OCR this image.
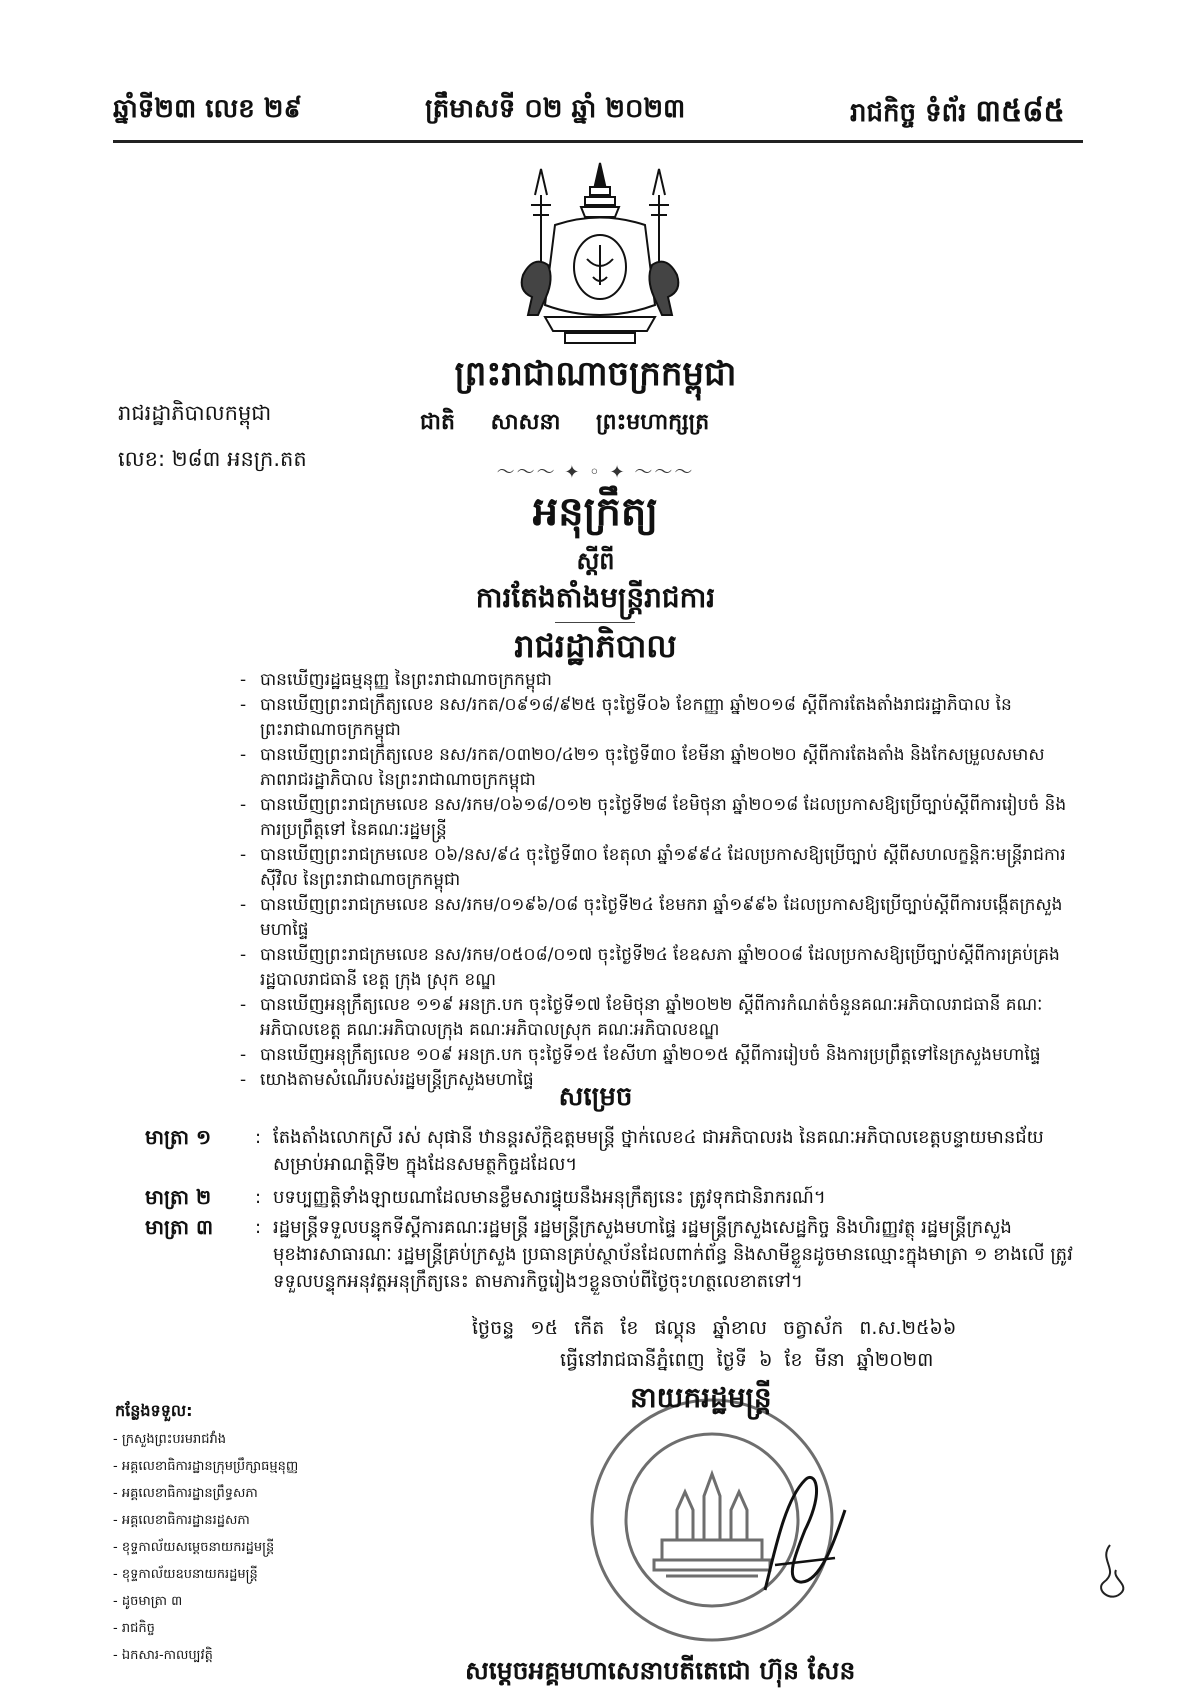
ឆ្នាំទី២៣ លេខ ២៩	ត្រឹមាសទី ០២ ឆ្នាំ ២០២៣	រាជកិច្ច ទំព័រ ៣៥៨៥
ព្រះរាជាណាចក្រកម្ពុជា
រាជរដ្ឋាភិបាលកម្ពុជា	ជាតិ សាសនា ព្រះមហាក្សត្រ
លេខ: ២៨៣ អនក្រ.តត
〜〜〜 ✦ ◦ ✦ 〜〜〜
អនុក្រឹត្យ
ស្តីពី
ការតែងតាំងមន្ត្រីរាជការ
រាជរដ្ឋាភិបាល

- បានឃើញរដ្ឋធម្មនុញ្ញ នៃព្រះរាជាណាចក្រកម្ពុជា

- បានឃើញព្រះរាជក្រឹត្យលេខ នស/រកត/០៩១៨/៩២៥ ចុះថ្ងៃទី០៦ ខែកញ្ញា ឆ្នាំ២០១៨ ស្តីពីការតែងតាំងរាជរដ្ឋាភិបាល នៃព្រះរាជាណាចក្រកម្ពុជា

- បានឃើញព្រះរាជក្រឹត្យលេខ នស/រកត/០៣២០/៤២១ ចុះថ្ងៃទី៣០ ខែមីនា ឆ្នាំ២០២០ ស្តីពីការតែងតាំង និងកែសម្រួលសមាសភាពរាជរដ្ឋាភិបាល នៃព្រះរាជាណាចក្រកម្ពុជា

- បានឃើញព្រះរាជក្រមលេខ នស/រកម/០៦១៨/០១២ ចុះថ្ងៃទី២៨ ខែមិថុនា ឆ្នាំ២០១៨ ដែលប្រកាសឱ្យប្រើច្បាប់ស្តីពីការរៀបចំ និងការប្រព្រឹត្តទៅ នៃគណៈរដ្ឋមន្ត្រី

- បានឃើញព្រះរាជក្រមលេខ ០៦/នស/៩៤ ចុះថ្ងៃទី៣០ ខែតុលា ឆ្នាំ១៩៩៤ ដែលប្រកាសឱ្យប្រើច្បាប់ ស្តីពីសហលក្ខន្តិកៈមន្ត្រីរាជការស៊ីវិល នៃព្រះរាជាណាចក្រកម្ពុជា

- បានឃើញព្រះរាជក្រមលេខ នស/រកម/០១៩៦/០៨ ចុះថ្ងៃទី២៤ ខែមករា ឆ្នាំ១៩៩៦ ដែលប្រកាសឱ្យប្រើច្បាប់ស្តីពីការបង្កើតក្រសួងមហាផ្ទៃ

- បានឃើញព្រះរាជក្រមលេខ នស/រកម/០៥០៨/០១៧ ចុះថ្ងៃទី២៤ ខែឧសភា ឆ្នាំ២០០៨ ដែលប្រកាសឱ្យប្រើច្បាប់ស្តីពីការគ្រប់គ្រងរដ្ឋបាលរាជធានី ខេត្ត ក្រុង ស្រុក ខណ្ឌ

- បានឃើញអនុក្រឹត្យលេខ ១១៩ អនក្រ.បក ចុះថ្ងៃទី១៧ ខែមិថុនា ឆ្នាំ២០២២ ស្តីពីការកំណត់ចំនួនគណៈអភិបាលរាជធានី គណៈអភិបាលខេត្ត គណៈអភិបាលក្រុង គណៈអភិបាលស្រុក គណៈអភិបាលខណ្ឌ

- បានឃើញអនុក្រឹត្យលេខ ១០៩ អនក្រ.បក ចុះថ្ងៃទី១៥ ខែសីហា ឆ្នាំ២០១៥ ស្តីពីការរៀបចំ និងការប្រព្រឹត្តទៅនៃក្រសួងមហាផ្ទៃ

- យោងតាមសំណើរបស់រដ្ឋមន្ត្រីក្រសួងមហាផ្ទៃ

សម្រេច
មាត្រា ១	: តែងតាំងលោកស្រី រស់ សុផានី ឋានន្តរស័ក្តិឧត្តមមន្ត្រី ថ្នាក់លេខ៤ ជាអភិបាលរង នៃគណៈអភិបាលខេត្តបន្ទាយមានជ័យ សម្រាប់អាណត្តិទី២ ក្នុងដែនសមត្ថកិច្ចដដែល។
មាត្រា ២	: បទប្បញ្ញត្តិទាំងឡាយណាដែលមានខ្លឹមសារផ្ទុយនឹងអនុក្រឹត្យនេះ ត្រូវទុកជានិរាករណ៍។
មាត្រា ៣	: រដ្ឋមន្ត្រីទទួលបន្ទុកទីស្តីការគណៈរដ្ឋមន្ត្រី រដ្ឋមន្ត្រីក្រសួងមហាផ្ទៃ រដ្ឋមន្ត្រីក្រសួងសេដ្ឋកិច្ច និងហិរញ្ញវត្ថុ រដ្ឋមន្ត្រីក្រសួងមុខងារសាធារណៈ រដ្ឋមន្ត្រីគ្រប់ក្រសួង ប្រធានគ្រប់ស្ថាប័នដែលពាក់ព័ន្ធ និងសាមីខ្លួនដូចមានឈ្មោះក្នុងមាត្រា ១ ខាងលើ ត្រូវទទួលបន្ទុកអនុវត្តអនុក្រឹត្យនេះ តាមភារកិច្ចរៀងៗខ្លួនចាប់ពីថ្ងៃចុះហត្ថលេខាតទៅ។
ថ្ងៃចន្ទ ១៥ កើត ខែ ផល្គុន ឆ្នាំខាល ចត្វាស័ក ព.ស.២៥៦៦
ធ្វើនៅរាជធានីភ្នំពេញ ថ្ងៃទី ៦ ខែ មីនា ឆ្នាំ២០២៣
នាយករដ្ឋមន្ត្រី
សម្តេចអគ្គមហាសេនាបតីតេជោ ហ៊ុន សែន
កន្លែងទទួល:
- ក្រសួងព្រះបរមរាជវាំង
- អគ្គលេខាធិការដ្ឋានក្រុមប្រឹក្សាធម្មនុញ្ញ
- អគ្គលេខាធិការដ្ឋានព្រឹទ្ធសភា
- អគ្គលេខាធិការដ្ឋានរដ្ឋសភា
- ខុទ្ទកាល័យសម្តេចនាយករដ្ឋមន្ត្រី
- ខុទ្ទកាល័យឧបនាយករដ្ឋមន្ត្រី
- ដូចមាត្រា ៣
- រាជកិច្ច
- ឯកសារ-កាលប្បវត្តិ
